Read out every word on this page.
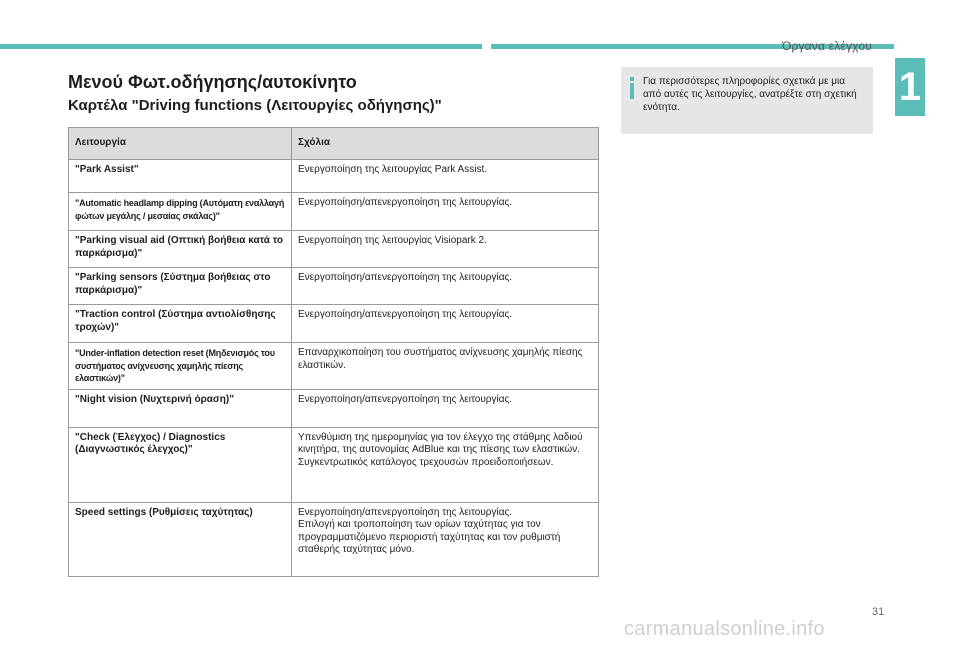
Όργανα ελέγχου
1
Μενού Φωτ.οδήγησης/αυτοκίνητο
Καρτέλα "Driving functions (Λειτουργίες οδήγησης)"
Για περισσότερες πληροφορίες σχετικά με μια από αυτές τις λειτουργίες, ανατρέξτε στη σχετική ενότητα.
Λειτουργία	Σχόλια
"Park Assist"	Ενεργοποίηση της λειτουργίας Park Assist.
"Automatic headlamp dipping (Αυτόματη εναλλαγή φώτων μεγάλης / μεσαίας σκάλας)"	Ενεργοποίηση/απενεργοποίηση της λειτουργίας.
"Parking visual aid (Οπτική βοήθεια κατά το παρκάρισμα)"	Ενεργοποίηση της λειτουργίας Visiopark 2.
"Parking sensors (Σύστημα βοήθειας στο παρκάρισμα)"	Ενεργοποίηση/απενεργοποίηση της λειτουργίας.
"Traction control (Σύστημα αντιολίσθησης τροχών)"	Ενεργοποίηση/απενεργοποίηση της λειτουργίας.
"Under-inflation detection reset (Μηδενισμός του συστήματος ανίχνευσης χαμηλής πίεσης ελαστικών)"	Επαναρχικοποίηση του συστήματος ανίχνευσης χαμηλής πίεσης ελαστικών.
"Night vision (Νυχτερινή όραση)"	Ενεργοποίηση/απενεργοποίηση της λειτουργίας.
"Check (Έλεγχος) / Diagnostics (Διαγνωστικός έλεγχος)"	Υπενθύμιση της ημερομηνίας για τον έλεγχο της στάθμης λαδιού κινητήρα, της αυτονομίας AdBlue και της πίεσης των ελαστικών.
Συγκεντρωτικός κατάλογος τρεχουσών προειδοποιήσεων.
Speed settings (Ρυθμίσεις ταχύτητας)	Ενεργοποίηση/απενεργοποίηση της λειτουργίας.
Επιλογή και τροποποίηση των ορίων ταχύτητας για τον προγραμματιζόμενο περιοριστή ταχύτητας και τον ρυθμιστή σταθερής ταχύτητας μόνο.
31
carmanualsonline.info
